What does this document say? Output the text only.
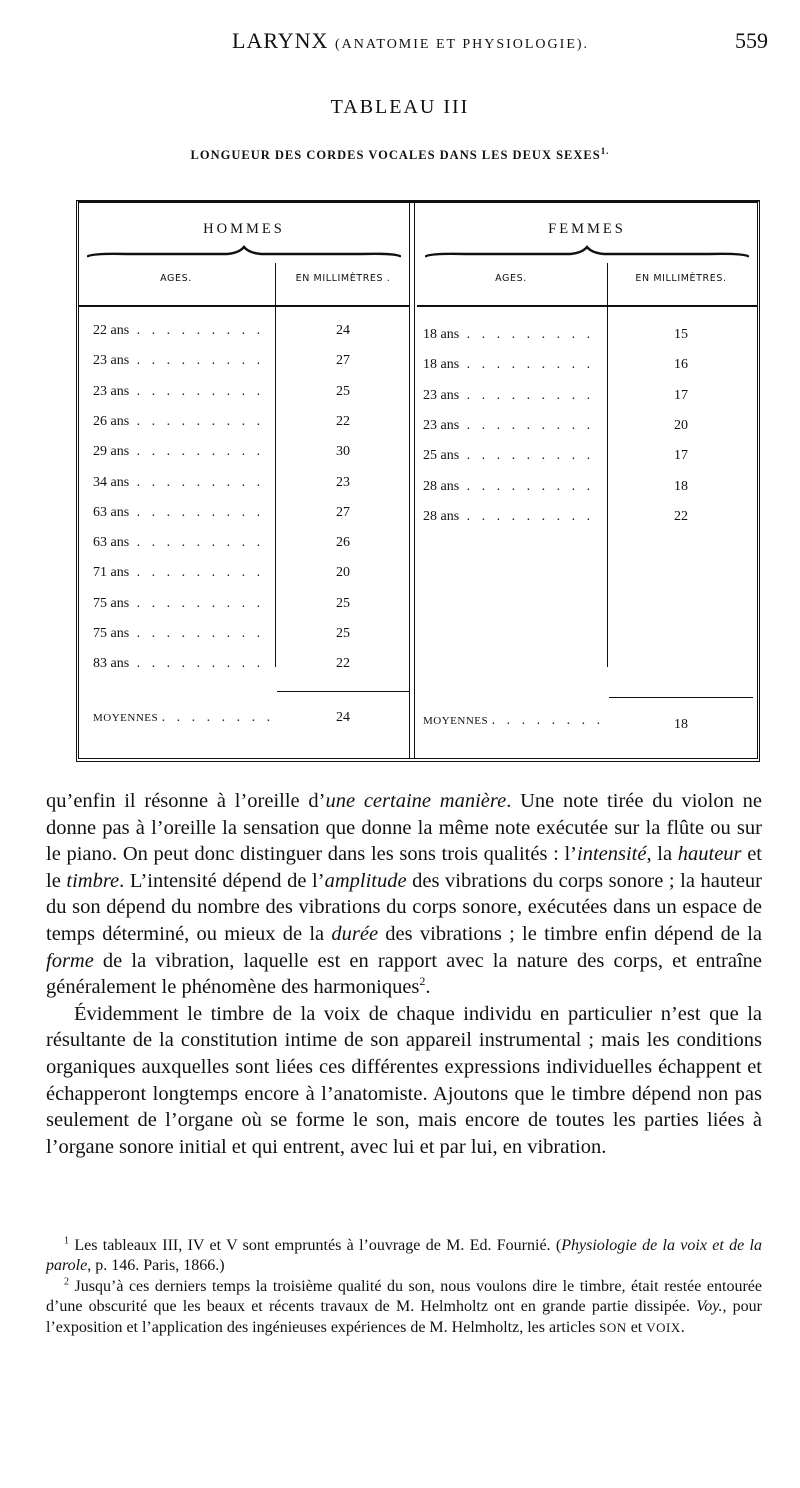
LARYNX (ANATOMIE ET PHYSIOLOGIE).	559
TABLEAU III
LONGUEUR DES CORDES VOCALES DANS LES DEUX $SEXES^{1.}$
HOMMES
AGES.	EN MILLIMÈTRES .
22 ans . . . . . . . . .	24
23 ans . . . . . . . . .	27
23 ans . . . . . . . . .	25
26 ans . . . . . . . . .	22
29 ans . . . . . . . . .	30
34 ans . . . . . . . . .	23
63 ans . . . . . . . . .	27
63 ans . . . . . . . . .	26
71 ans . . . . . . . . .	20
75 ans . . . . . . . . .	25
75 ans . . . . . . . . .	25
83 ans . . . . . . . . .	22
MOYENNES . . . . . . . .	24
FEMMES
AGES.	EN MILLIMÈTRES.
18 ans . . . . . . . . .	15
18 ans . . . . . . . . .	16
23 ans . . . . . . . . .	17
23 ans . . . . . . . . .	20
25 ans . . . . . . . . .	17
28 ans . . . . . . . . .	18
28 ans . . . . . . . . .	22
MOYENNES . . . . . . . .	18

qu’enfin il résonne à l’oreille d’une certaine manière. Une note tirée du violon ne donne pas à l’oreille la sensation que donne la même note exécutée sur la flûte ou sur le piano. On peut donc distinguer dans les sons trois qualités : l’intensité, la hauteur et le timbre. L’intensité dépend de l’amplitude des vibrations du corps sonore ; la hauteur du son dépend du nombre des vibrations du corps sonore, exécutées dans un espace de temps déterminé, ou mieux de la durée des vibrations ; le timbre enfin dépend de la forme de la vibration, laquelle est en rapport avec la nature des corps, et entraîne généralement le phénomène des harmoniques$^2$.

Évidemment le timbre de la voix de chaque individu en particulier n’est que la résultante de la constitution intime de son appareil instrumental ; mais les conditions organiques auxquelles sont liées ces différentes expressions individuelles échappent et échapperont longtemps encore à l’anatomiste. Ajoutons que le timbre dépend non pas seulement de l’organe où se forme le son, mais encore de toutes les parties liées à l’organe sonore initial et qui entrent, avec lui et par lui, en vibration.

$^1$ Les tableaux III, IV et V sont empruntés à l’ouvrage de M. Ed. Fournié. (Physiologie de la voix et de la parole, p. 146. Paris, 1866.)

$^2$ Jusqu’à ces derniers temps la troisième qualité du son, nous voulons dire le timbre, était restée entourée d’une obscurité que les beaux et récents travaux de M. Helmholtz ont en grande partie dissipée. Voy., pour l’exposition et l’application des ingénieuses expériences de M. Helmholtz, les articles SON et VOIX.
